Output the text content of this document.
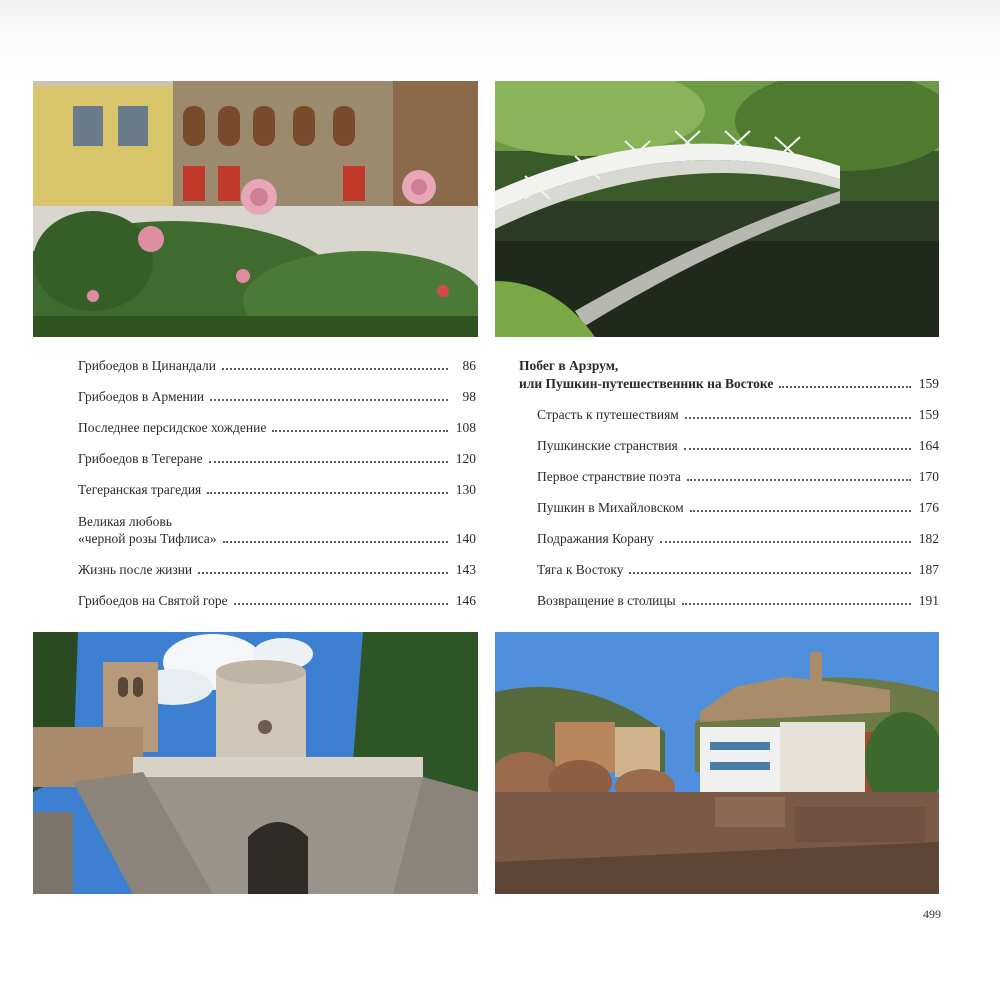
Грибоедов в Цинандали	86
Грибоедов в Армении	98
Последнее персидское хождение	108
Грибоедов в Тегеране	120
Тегеранская трагедия	130
Великая любовь
«черной розы Тифлиса»	140
Жизнь после жизни	143
Грибоедов на Святой горе	146
Побег в Арзрум,
или Пушкин-путешественник на Востоке	159
Страсть к путешествиям	159
Пушкинские странствия	164
Первое странствие поэта	170
Пушкин в Михайловском	176
Подражания Корану	182
Тяга к Востоку	187
Возвращение в столицы	191
499
